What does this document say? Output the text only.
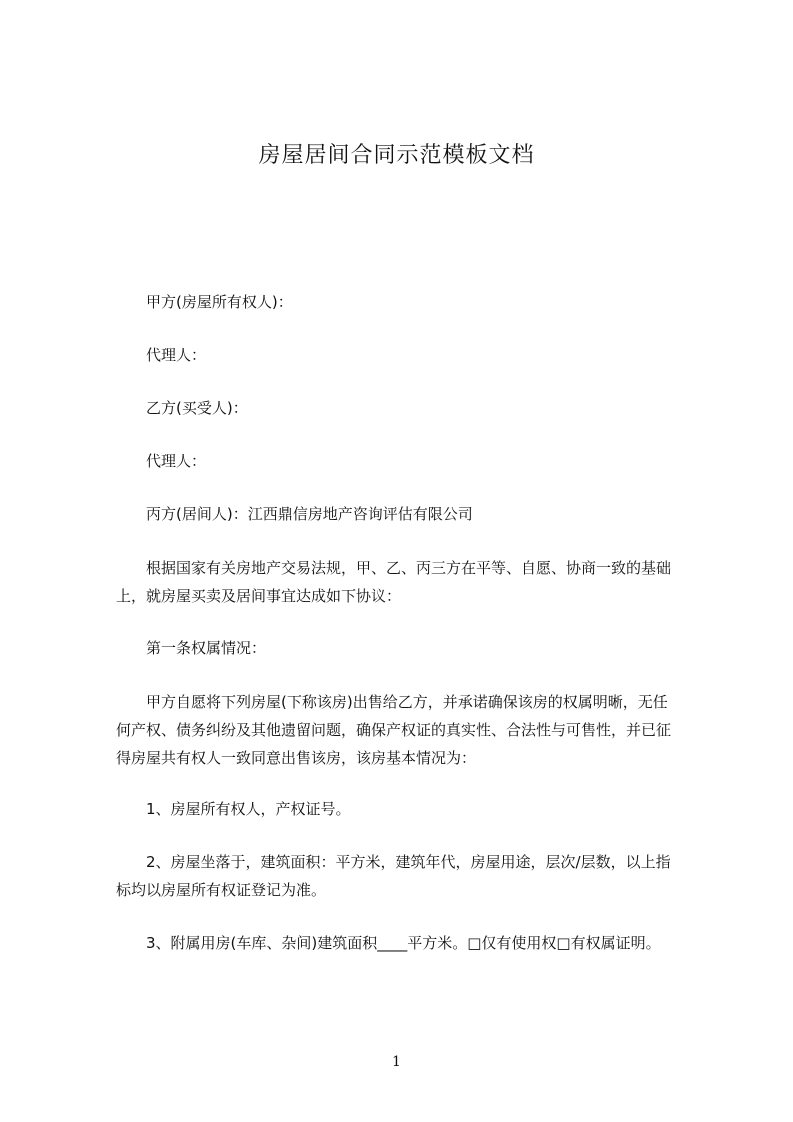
房屋居间合同示范模板文档
　　甲方(房屋所有权人)：
　　代理人：
　　乙方(买受人)：
　　代理人：
　　丙方(居间人)：江西鼎信房地产咨询评估有限公司
　　根据国家有关房地产交易法规，甲、乙、丙三方在平等、自愿、协商一致的基础
上，就房屋买卖及居间事宜达成如下协议：
　　第一条权属情况：
　　甲方自愿将下列房屋(下称该房)出售给乙方，并承诺确保该房的权属明晰，无任
何产权、债务纠纷及其他遗留问题，确保产权证的真实性、合法性与可售性，并已征
得房屋共有权人一致同意出售该房，该房基本情况为：
　　1、房屋所有权人，产权证号。
　　2、房屋坐落于，建筑面积：平方米，建筑年代，房屋用途，层次/层数，以上指
标均以房屋所有权证登记为准。
　　3、附属用房(车库、杂间)建筑面积____平方米。□仅有使用权□有权属证明。
1
